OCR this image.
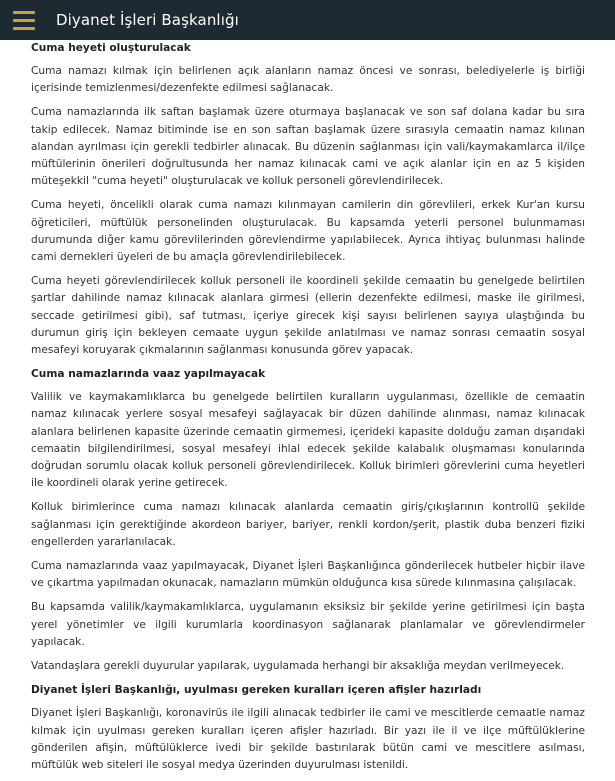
Diyanet İşleri Başkanlığı
Cuma heyeti oluşturulacak

Cuma namazı kılmak için belirlenen açık alanların namaz öncesi ve sonrası, belediyelerle iş birliği içerisinde temizlenmesi/dezenfekte edilmesi sağlanacak.

Cuma namazlarında ilk saftan başlamak üzere oturmaya başlanacak ve son saf dolana kadar bu sıra takip edilecek. Namaz bitiminde ise en son saftan başlamak üzere sırasıyla cemaatin namaz kılınan alandan ayrılması için gerekli tedbirler alınacak. Bu düzenin sağlanması için vali/kaymakamlarca il/ilçe müftülerinin önerileri doğrultusunda her namaz kılınacak cami ve açık alanlar için en az 5 kişiden müteşekkil "cuma heyeti" oluşturulacak ve kolluk personeli görevlendirilecek.

Cuma heyeti, öncelikli olarak cuma namazı kılınmayan camilerin din görevlileri, erkek Kur'an kursu öğreticileri, müftülük personelinden oluşturulacak. Bu kapsamda yeterli personel bulunmaması durumunda diğer kamu görevlilerinden görevlendirme yapılabilecek. Ayrıca ihtiyaç bulunması halinde cami dernekleri üyeleri de bu amaçla görevlendirilebilecek.

Cuma heyeti görevlendirilecek kolluk personeli ile koordineli şekilde cemaatin bu genelgede belirtilen şartlar dahilinde namaz kılınacak alanlara girmesi (ellerin dezenfekte edilmesi, maske ile girilmesi, seccade getirilmesi gibi), saf tutması, içeriye girecek kişi sayısı belirlenen sayıya ulaştığında bu durumun giriş için bekleyen cemaate uygun şekilde anlatılması ve namaz sonrası cemaatin sosyal mesafeyi koruyarak çıkmalarının sağlanması konusunda görev yapacak.

Cuma namazlarında vaaz yapılmayacak

Valilik ve kaymakamlıklarca bu genelgede belirtilen kuralların uygulanması, özellikle de cemaatin namaz kılınacak yerlere sosyal mesafeyi sağlayacak bir düzen dahilinde alınması, namaz kılınacak alanlara belirlenen kapasite üzerinde cemaatin girmemesi, içerideki kapasite dolduğu zaman dışarıdaki cemaatin bilgilendirilmesi, sosyal mesafeyi ihlal edecek şekilde kalabalık oluşmaması konularında doğrudan sorumlu olacak kolluk personeli görevlendirilecek. Kolluk birimleri görevlerini cuma heyetleri ile koordineli olarak yerine getirecek.

Kolluk birimlerince cuma namazı kılınacak alanlarda cemaatin giriş/çıkışlarının kontrollü şekilde sağlanması için gerektiğinde akordeon bariyer, bariyer, renkli kordon/şerit, plastik duba benzeri fiziki engellerden yararlanılacak.

Cuma namazlarında vaaz yapılmayacak, Diyanet İşleri Başkanlığınca gönderilecek hutbeler hiçbir ilave ve çıkartma yapılmadan okunacak, namazların mümkün olduğunca kısa sürede kılınmasına çalışılacak.

Bu kapsamda valilik/kaymakamlıklarca, uygulamanın eksiksiz bir şekilde yerine getirilmesi için başta yerel yönetimler ve ilgili kurumlarla koordinasyon sağlanarak planlamalar ve görevlendirmeler yapılacak.

Vatandaşlara gerekli duyurular yapılarak, uygulamada herhangi bir aksaklığa meydan verilmeyecek.

Diyanet İşleri Başkanlığı, uyulması gereken kuralları içeren afişler hazırladı

Diyanet İşleri Başkanlığı, koronavirüs ile ilgili alınacak tedbirler ile cami ve mescitlerde cemaatle namaz kılmak için uyulması gereken kuralları içeren afişler hazırladı. Bir yazı ile il ve ilçe müftülüklerine gönderilen afişin, müftülüklerce ivedi bir şekilde bastırılarak bütün cami ve mescitlere asılması, müftülük web siteleri ile sosyal medya üzerinden duyurulması istenildi.
